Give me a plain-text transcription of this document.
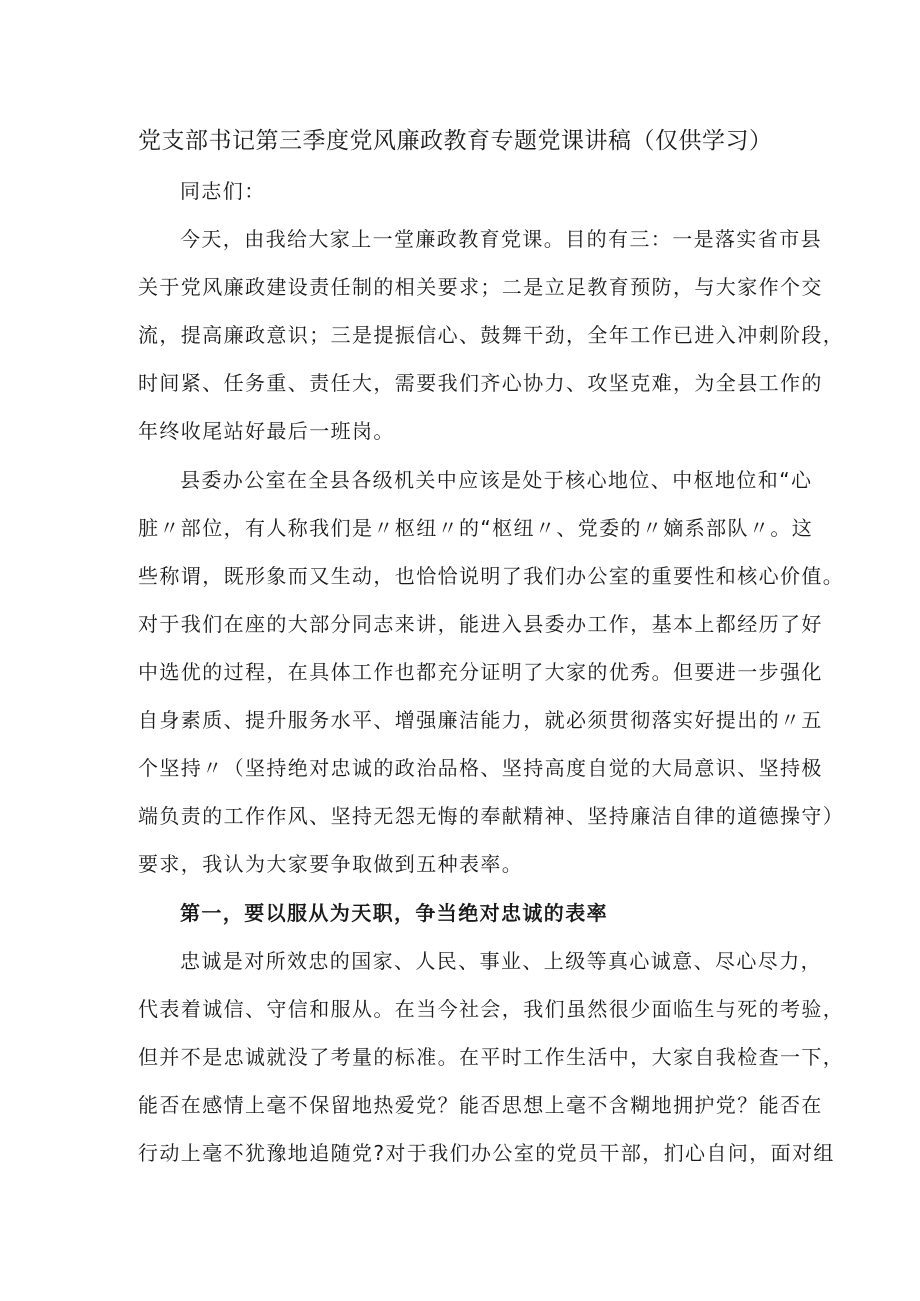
党支部书记第三季度党风廉政教育专题党课讲稿（仅供学习）

同志们：

今天，由我给大家上一堂廉政教育党课。目的有三：一是落实省市县

关于党风廉政建设责任制的相关要求；二是立足教育预防，与大家作个交

流，提高廉政意识；三是提振信心、鼓舞干劲，全年工作已进入冲刺阶段，

时间紧、任务重、责任大，需要我们齐心协力、攻坚克难，为全县工作的

年终收尾站好最后一班岗。

县委办公室在全县各级机关中应该是处于核心地位、中枢地位和“心

脏〃部位，有人称我们是〃枢纽〃的“枢纽〃、党委的〃嫡系部队〃。这

些称谓，既形象而又生动，也恰恰说明了我们办公室的重要性和核心价值。

对于我们在座的大部分同志来讲，能进入县委办工作，基本上都经历了好

中选优的过程，在具体工作也都充分证明了大家的优秀。但要进一步强化

自身素质、提升服务水平、增强廉洁能力，就必须贯彻落实好提出的〃五

个坚持〃（坚持绝对忠诚的政治品格、坚持高度自觉的大局意识、坚持极

端负责的工作作风、坚持无怨无悔的奉献精神、坚持廉洁自律的道德操守）

要求，我认为大家要争取做到五种表率。

第一，要以服从为天职，争当绝对忠诚的表率

忠诚是对所效忠的国家、人民、事业、上级等真心诚意、尽心尽力，

代表着诚信、守信和服从。在当今社会，我们虽然很少面临生与死的考验，

但并不是忠诚就没了考量的标准。在平时工作生活中，大家自我检查一下，

能否在感情上毫不保留地热爱党？能否思想上毫不含糊地拥护党？能否在

行动上毫不犹豫地追随党?对于我们办公室的党员干部，扪心自问，面对组
